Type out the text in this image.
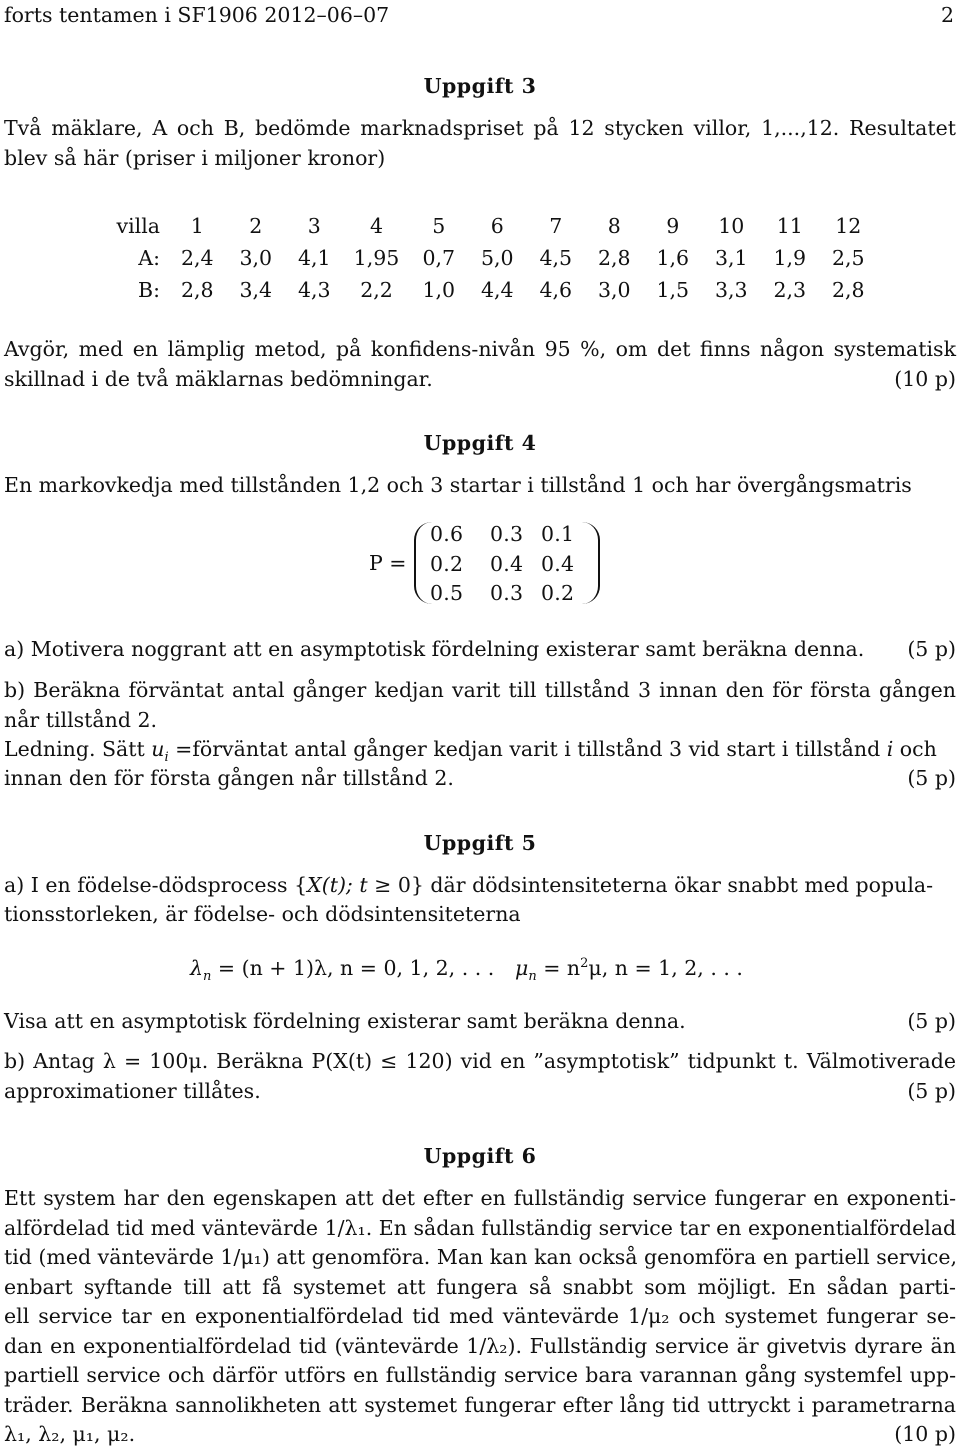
forts tentamen i SF1906 2012–06–07	2
Uppgift 3
Två mäklare, A och B, bedömde marknadspriset på 12 stycken villor, 1,...,12. Resultatet
blev så här (priser i miljoner kronor)
villa	1	2	3	4	5	6	7	8	9	10	11	12
A:	2,4	3,0	4,1	1,95	0,7	5,0	4,5	2,8	1,6	3,1	1,9	2,5
B:	2,8	3,4	4,3	2,2	1,0	4,4	4,6	3,0	1,5	3,3	2,3	2,8
Avgör, med en lämplig metod, på konfidens-nivån 95 %, om det finns någon systematisk
skillnad i de två mäklarnas bedömningar.	(10 p)
Uppgift 4
En markovkedja med tillstånden 1,2 och 3 startar i tillstånd 1 och har övergångsmatris
P =
0.6 0.3 0.1
0.2 0.4 0.4
0.5 0.3 0.2
a) Motivera noggrant att en asymptotisk fördelning existerar samt beräkna denna. (5 p)
b) Beräkna förväntat antal gånger kedjan varit till tillstånd 3 innan den för första gången
når tillstånd 2.
Ledning. Sätt $u_i$ =förväntat antal gånger kedjan varit i tillstånd 3 vid start i tillstånd i och
innan den för första gången når tillstånd 2.	(5 p)
Uppgift 5
a) I en födelse-dödsprocess {X(t); t ≥ 0} där dödsintensiteterna ökar snabbt med popula-
tionsstorleken, är födelse- och dödsintensiteterna
$\lambda_n = (n + 1)\lambda$, n = 0, 1, 2, . . . $\mu_n = n^2\mu$, n = 1, 2, . . .
Visa att en asymptotisk fördelning existerar samt beräkna denna.	(5 p)
b) Antag λ = 100μ. Beräkna P(X(t) ≤ 120) vid en ”asymptotisk” tidpunkt t. Välmotiverade
approximationer tillåtes.	(5 p)
Uppgift 6
Ett system har den egenskapen att det efter en fullständig service fungerar en exponenti-
alfördelad tid med väntevärde 1/λ₁. En sådan fullständig service tar en exponentialfördelad
tid (med väntevärde 1/μ₁) att genomföra. Man kan kan också genomföra en partiell service,
enbart syftande till att få systemet att fungera så snabbt som möjligt. En sådan parti-
ell service tar en exponentialfördelad tid med väntevärde 1/μ₂ och systemet fungerar se-
dan en exponentialfördelad tid (väntevärde 1/λ₂). Fullständig service är givetvis dyrare än
partiell service och därför utförs en fullständig service bara varannan gång systemfel upp-
träder. Beräkna sannolikheten att systemet fungerar efter lång tid uttryckt i parametrarna
λ₁, λ₂, μ₁, μ₂.	(10 p)
